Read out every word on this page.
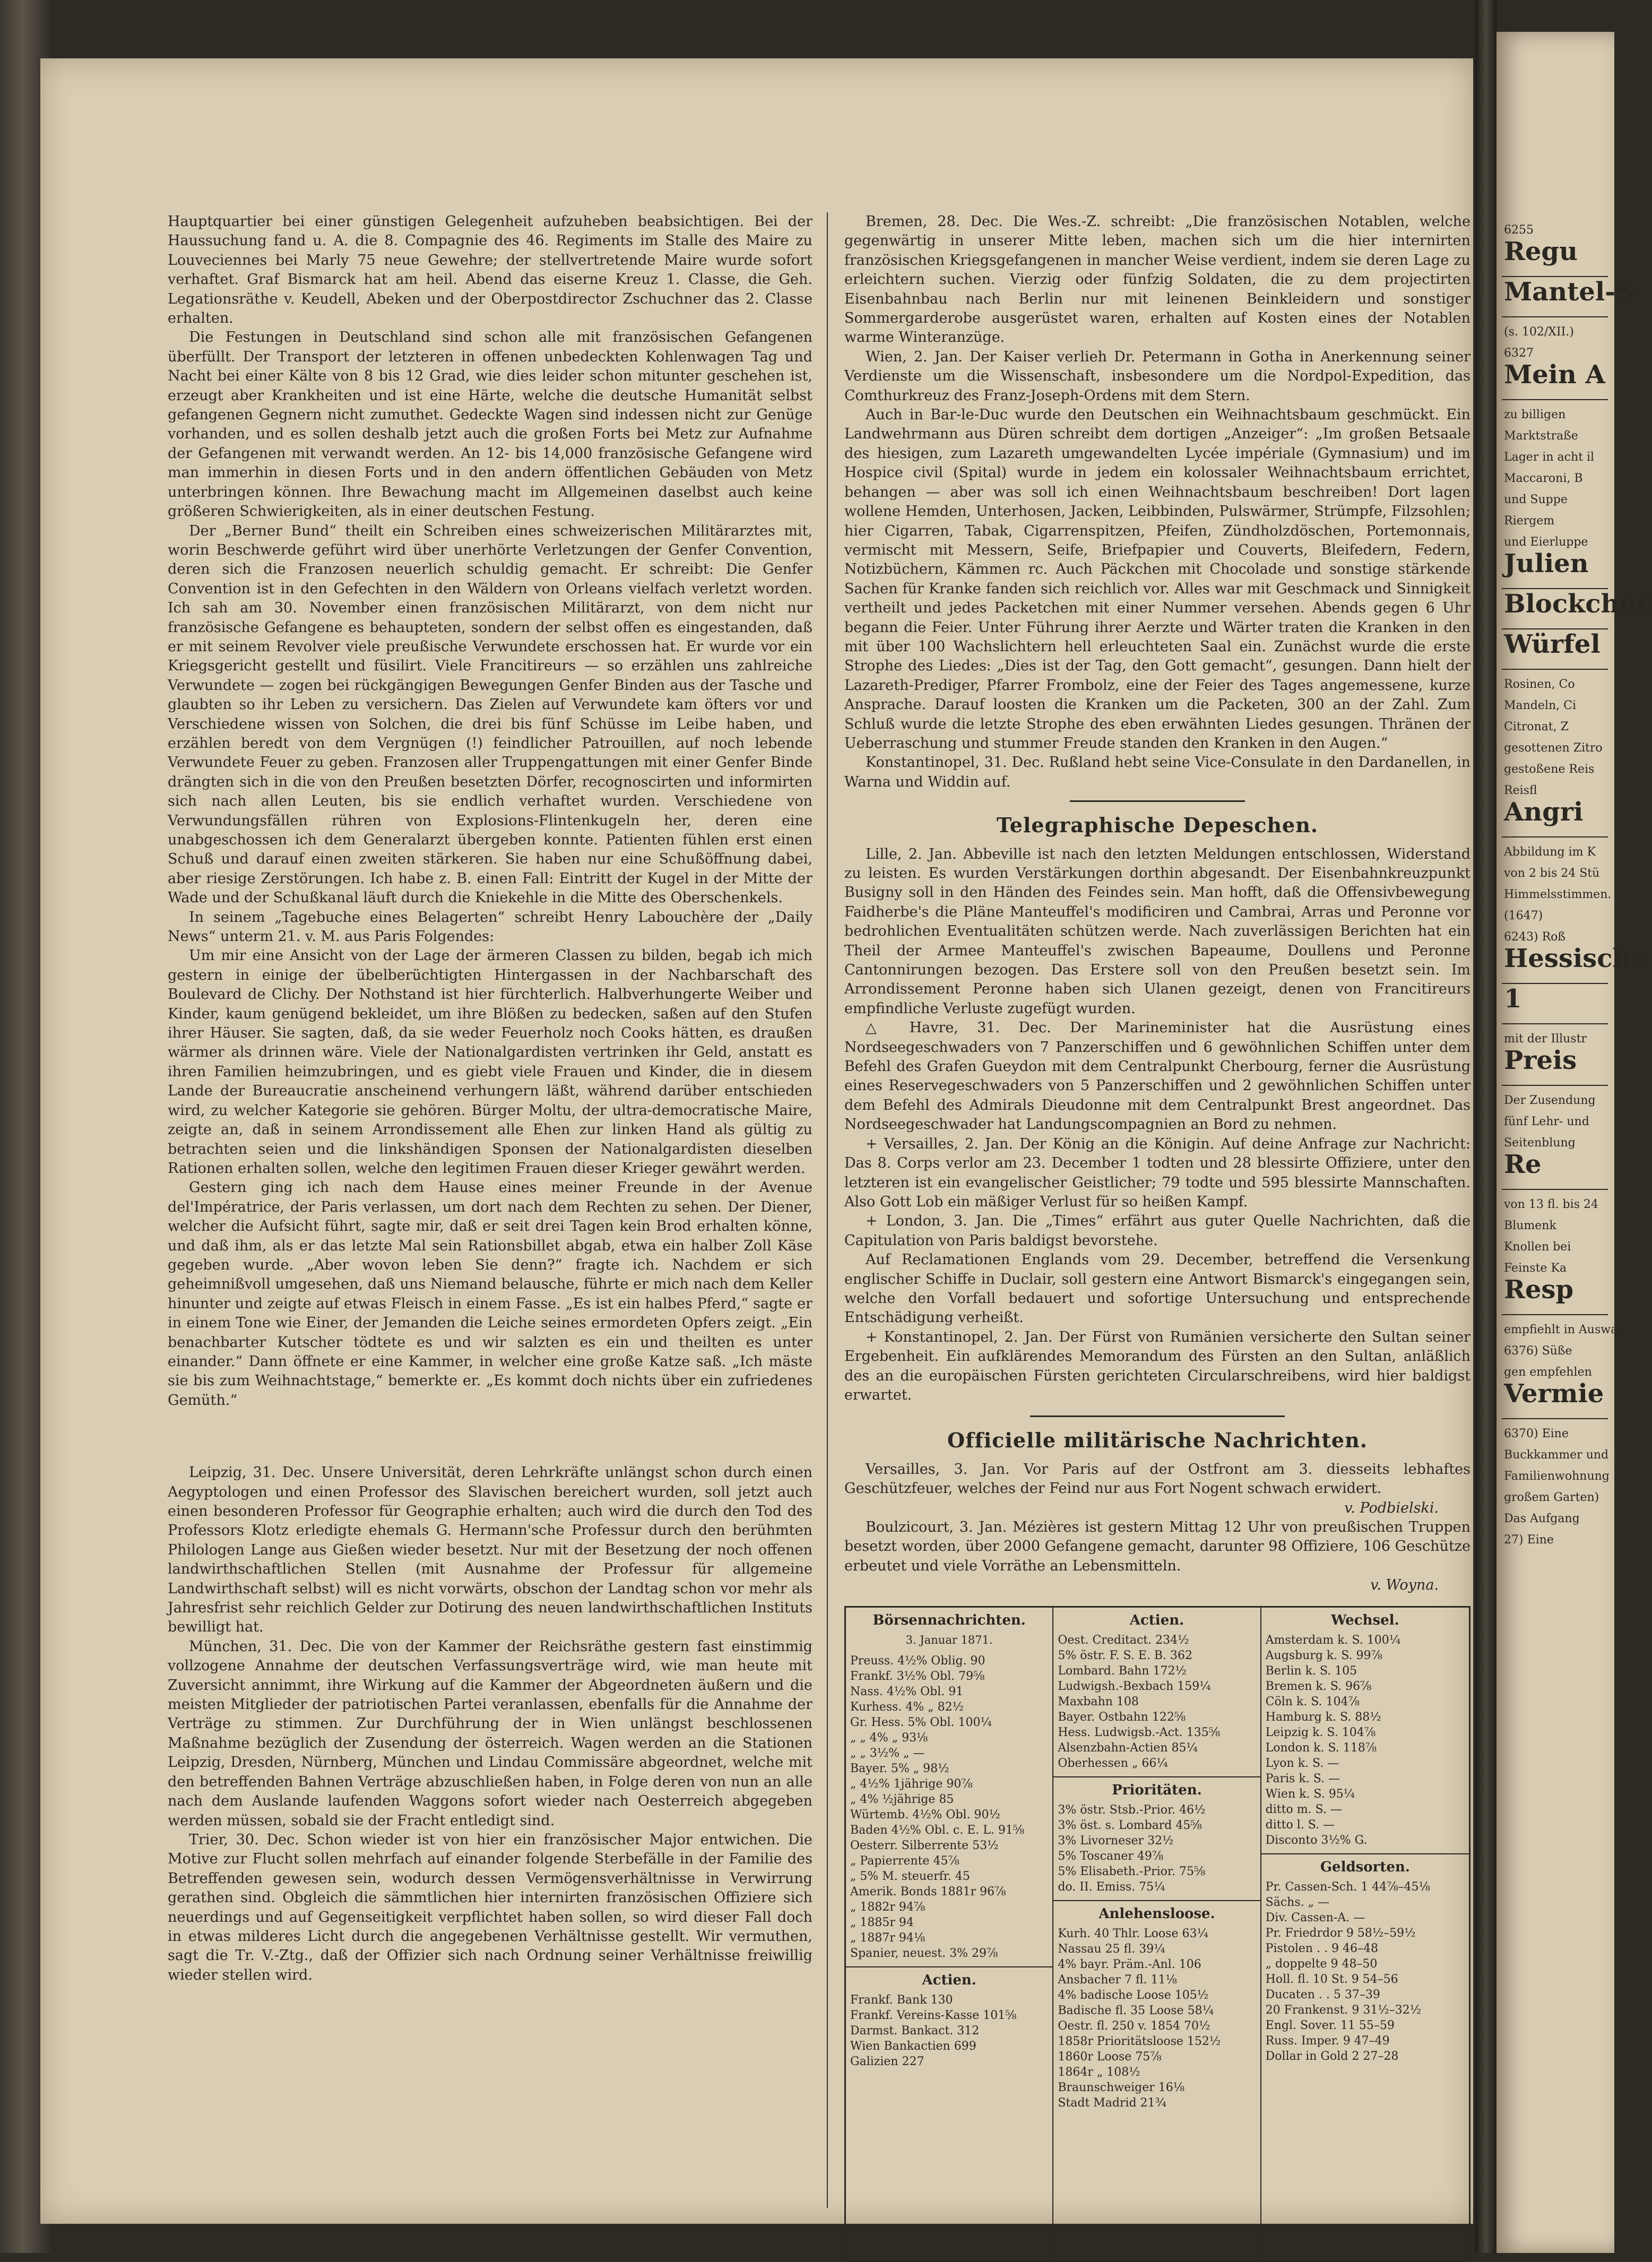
Hauptquartier bei einer günstigen Gelegenheit aufzuheben beabsichtigen. Bei der Haussuchung fand u. A. die 8. Compagnie des 46. Regiments im Stalle des Maire zu Louveciennes bei Marly 75 neue Gewehre; der stellvertretende Maire wurde sofort verhaftet. Graf Bismarck hat am heil. Abend das eiserne Kreuz 1. Classe, die Geh. Legationsräthe v. Keudell, Abeken und der Oberpostdirector Zschuchner das 2. Classe erhalten.

Die Festungen in Deutschland sind schon alle mit französischen Gefangenen überfüllt. Der Transport der letzteren in offenen unbedeckten Kohlenwagen Tag und Nacht bei einer Kälte von 8 bis 12 Grad, wie dies leider schon mitunter geschehen ist, erzeugt aber Krankheiten und ist eine Härte, welche die deutsche Humanität selbst gefangenen Gegnern nicht zumuthet. Gedeckte Wagen sind indessen nicht zur Genüge vorhanden, und es sollen deshalb jetzt auch die großen Forts bei Metz zur Aufnahme der Gefangenen mit verwandt werden. An 12- bis 14,000 französische Gefangene wird man immerhin in diesen Forts und in den andern öffentlichen Gebäuden von Metz unterbringen können. Ihre Bewachung macht im Allgemeinen daselbst auch keine größeren Schwierigkeiten, als in einer deutschen Festung.

Der „Berner Bund“ theilt ein Schreiben eines schweizerischen Militärarztes mit, worin Beschwerde geführt wird über unerhörte Verletzungen der Genfer Convention, deren sich die Franzosen neuerlich schuldig gemacht. Er schreibt: Die Genfer Convention ist in den Gefechten in den Wäldern von Orleans vielfach verletzt worden. Ich sah am 30. November einen französischen Militärarzt, von dem nicht nur französische Gefangene es behaupteten, sondern der selbst offen es eingestanden, daß er mit seinem Revolver viele preußische Verwundete erschossen hat. Er wurde vor ein Kriegsgericht gestellt und füsilirt. Viele Francitireurs — so erzählen uns zahlreiche Verwundete — zogen bei rückgängigen Bewegungen Genfer Binden aus der Tasche und glaubten so ihr Leben zu versichern. Das Zielen auf Verwundete kam öfters vor und Verschiedene wissen von Solchen, die drei bis fünf Schüsse im Leibe haben, und erzählen beredt von dem Vergnügen (!) feindlicher Patrouillen, auf noch lebende Verwundete Feuer zu geben. Franzosen aller Truppengattungen mit einer Genfer Binde drängten sich in die von den Preußen besetzten Dörfer, recognoscirten und informirten sich nach allen Leuten, bis sie endlich verhaftet wurden. Verschiedene von Verwundungsfällen rühren von Explosions-Flintenkugeln her, deren eine unabgeschossen ich dem Generalarzt übergeben konnte. Patienten fühlen erst einen Schuß und darauf einen zweiten stärkeren. Sie haben nur eine Schußöffnung dabei, aber riesige Zerstörungen. Ich habe z. B. einen Fall: Eintritt der Kugel in der Mitte der Wade und der Schußkanal läuft durch die Kniekehle in die Mitte des Oberschenkels.

In seinem „Tagebuche eines Belagerten“ schreibt Henry Labouchère der „Daily News“ unterm 21. v. M. aus Paris Folgendes:

Um mir eine Ansicht von der Lage der ärmeren Classen zu bilden, begab ich mich gestern in einige der übelberüchtigten Hintergassen in der Nachbarschaft des Boulevard de Clichy. Der Nothstand ist hier fürchterlich. Halbverhungerte Weiber und Kinder, kaum genügend bekleidet, um ihre Blößen zu bedecken, saßen auf den Stufen ihrer Häuser. Sie sagten, daß, da sie weder Feuerholz noch Cooks hätten, es draußen wärmer als drinnen wäre. Viele der Nationalgardisten vertrinken ihr Geld, anstatt es ihren Familien heimzubringen, und es giebt viele Frauen und Kinder, die in diesem Lande der Bureaucratie anscheinend verhungern läßt, während darüber entschieden wird, zu welcher Kategorie sie gehören. Bürger Moltu, der ultra-democratische Maire, zeigte an, daß in seinem Arrondissement alle Ehen zur linken Hand als gültig zu betrachten seien und die linkshändigen Sponsen der Nationalgardisten dieselben Rationen erhalten sollen, welche den legitimen Frauen dieser Krieger gewährt werden.

Gestern ging ich nach dem Hause eines meiner Freunde in der Avenue del'Impératrice, der Paris verlassen, um dort nach dem Rechten zu sehen. Der Diener, welcher die Aufsicht führt, sagte mir, daß er seit drei Tagen kein Brod erhalten könne, und daß ihm, als er das letzte Mal sein Rationsbillet abgab, etwa ein halber Zoll Käse gegeben wurde. „Aber wovon leben Sie denn?“ fragte ich. Nachdem er sich geheimnißvoll umgesehen, daß uns Niemand belausche, führte er mich nach dem Keller hinunter und zeigte auf etwas Fleisch in einem Fasse. „Es ist ein halbes Pferd,“ sagte er in einem Tone wie Einer, der Jemanden die Leiche seines ermordeten Opfers zeigt. „Ein benachbarter Kutscher tödtete es und wir salzten es ein und theilten es unter einander.“ Dann öffnete er eine Kammer, in welcher eine große Katze saß. „Ich mäste sie bis zum Weihnachtstage,“ bemerkte er. „Es kommt doch nichts über ein zufriedenes Gemüth.“

Leipzig, 31. Dec. Unsere Universität, deren Lehrkräfte unlängst schon durch einen Aegyptologen und einen Professor des Slavischen bereichert wurden, soll jetzt auch einen besonderen Professor für Geographie erhalten; auch wird die durch den Tod des Professors Klotz erledigte ehemals G. Hermann'sche Professur durch den berühmten Philologen Lange aus Gießen wieder besetzt. Nur mit der Besetzung der noch offenen landwirthschaftlichen Stellen (mit Ausnahme der Professur für allgemeine Landwirthschaft selbst) will es nicht vorwärts, obschon der Landtag schon vor mehr als Jahresfrist sehr reichlich Gelder zur Dotirung des neuen landwirthschaftlichen Instituts bewilligt hat.

München, 31. Dec. Die von der Kammer der Reichsräthe gestern fast einstimmig vollzogene Annahme der deutschen Verfassungsverträge wird, wie man heute mit Zuversicht annimmt, ihre Wirkung auf die Kammer der Abgeordneten äußern und die meisten Mitglieder der patriotischen Partei veranlassen, ebenfalls für die Annahme der Verträge zu stimmen. Zur Durchführung der in Wien unlängst beschlossenen Maßnahme bezüglich der Zusendung der österreich. Wagen werden an die Stationen Leipzig, Dresden, Nürnberg, München und Lindau Commissäre abgeordnet, welche mit den betreffenden Bahnen Verträge abzuschließen haben, in Folge deren von nun an alle nach dem Auslande laufenden Waggons sofort wieder nach Oesterreich abgegeben werden müssen, sobald sie der Fracht entledigt sind.

Trier, 30. Dec. Schon wieder ist von hier ein französischer Major entwichen. Die Motive zur Flucht sollen mehrfach auf einander folgende Sterbefälle in der Familie des Betreffenden gewesen sein, wodurch dessen Vermögensverhältnisse in Verwirrung gerathen sind. Obgleich die sämmtlichen hier internirten französischen Offiziere sich neuerdings und auf Gegenseitigkeit verpflichtet haben sollen, so wird dieser Fall doch in etwas milderes Licht durch die angegebenen Verhältnisse gestellt. Wir vermuthen, sagt die Tr. V.-Ztg., daß der Offizier sich nach Ordnung seiner Verhältnisse freiwillig wieder stellen wird.

Bremen, 28. Dec. Die Wes.-Z. schreibt: „Die französischen Notablen, welche gegenwärtig in unserer Mitte leben, machen sich um die hier internirten französischen Kriegsgefangenen in mancher Weise verdient, indem sie deren Lage zu erleichtern suchen. Vierzig oder fünfzig Soldaten, die zu dem projectirten Eisenbahnbau nach Berlin nur mit leinenen Beinkleidern und sonstiger Sommergarderobe ausgerüstet waren, erhalten auf Kosten eines der Notablen warme Winteranzüge.

Wien, 2. Jan. Der Kaiser verlieh Dr. Petermann in Gotha in Anerkennung seiner Verdienste um die Wissenschaft, insbesondere um die Nordpol-Expedition, das Comthurkreuz des Franz-Joseph-Ordens mit dem Stern.

Auch in Bar-le-Duc wurde den Deutschen ein Weihnachtsbaum geschmückt. Ein Landwehrmann aus Düren schreibt dem dortigen „Anzeiger“: „Im großen Betsaale des hiesigen, zum Lazareth umgewandelten Lycée impériale (Gymnasium) und im Hospice civil (Spital) wurde in jedem ein kolossaler Weihnachtsbaum errichtet, behangen — aber was soll ich einen Weihnachtsbaum beschreiben! Dort lagen wollene Hemden, Unterhosen, Jacken, Leibbinden, Pulswärmer, Strümpfe, Filzsohlen; hier Cigarren, Tabak, Cigarrenspitzen, Pfeifen, Zündholzdöschen, Portemonnais, vermischt mit Messern, Seife, Briefpapier und Couverts, Bleifedern, Federn, Notizbüchern, Kämmen rc. Auch Päckchen mit Chocolade und sonstige stärkende Sachen für Kranke fanden sich reichlich vor. Alles war mit Geschmack und Sinnigkeit vertheilt und jedes Packetchen mit einer Nummer versehen. Abends gegen 6 Uhr begann die Feier. Unter Führung ihrer Aerzte und Wärter traten die Kranken in den mit über 100 Wachslichtern hell erleuchteten Saal ein. Zunächst wurde die erste Strophe des Liedes: „Dies ist der Tag, den Gott gemacht“, gesungen. Dann hielt der Lazareth-Prediger, Pfarrer Frombolz, eine der Feier des Tages angemessene, kurze Ansprache. Darauf loosten die Kranken um die Packeten, 300 an der Zahl. Zum Schluß wurde die letzte Strophe des eben erwähnten Liedes gesungen. Thränen der Ueberraschung und stummer Freude standen den Kranken in den Augen.“

Konstantinopel, 31. Dec. Rußland hebt seine Vice-Consulate in den Dardanellen, in Warna und Widdin auf.

Telegraphische Depeschen.

Lille, 2. Jan. Abbeville ist nach den letzten Meldungen entschlossen, Widerstand zu leisten. Es wurden Verstärkungen dorthin abgesandt. Der Eisenbahnkreuzpunkt Busigny soll in den Händen des Feindes sein. Man hofft, daß die Offensivbewegung Faidherbe's die Pläne Manteuffel's modificiren und Cambrai, Arras und Peronne vor bedrohlichen Eventualitäten schützen werde. Nach zuverlässigen Berichten hat ein Theil der Armee Manteuffel's zwischen Bapeaume, Doullens und Peronne Cantonnirungen bezogen. Das Erstere soll von den Preußen besetzt sein. Im Arrondissement Peronne haben sich Ulanen gezeigt, denen von Francitireurs empfindliche Verluste zugefügt wurden.

△ Havre, 31. Dec. Der Marineminister hat die Ausrüstung eines Nordseegeschwaders von 7 Panzerschiffen und 6 gewöhnlichen Schiffen unter dem Befehl des Grafen Gueydon mit dem Centralpunkt Cherbourg, ferner die Ausrüstung eines Reservegeschwaders von 5 Panzerschiffen und 2 gewöhnlichen Schiffen unter dem Befehl des Admirals Dieudonne mit dem Centralpunkt Brest angeordnet. Das Nordseegeschwader hat Landungscompagnien an Bord zu nehmen.

+ Versailles, 2. Jan. Der König an die Königin. Auf deine Anfrage zur Nachricht: Das 8. Corps verlor am 23. December 1 todten und 28 blessirte Offiziere, unter den letzteren ist ein evangelischer Geistlicher; 79 todte und 595 blessirte Mannschaften. Also Gott Lob ein mäßiger Verlust für so heißen Kampf.

+ London, 3. Jan. Die „Times“ erfährt aus guter Quelle Nachrichten, daß die Capitulation von Paris baldigst bevorstehe.

Auf Reclamationen Englands vom 29. December, betreffend die Versenkung englischer Schiffe in Duclair, soll gestern eine Antwort Bismarck's eingegangen sein, welche den Vorfall bedauert und sofortige Untersuchung und entsprechende Entschädigung verheißt.

+ Konstantinopel, 2. Jan. Der Fürst von Rumänien versicherte den Sultan seiner Ergebenheit. Ein aufklärendes Memorandum des Fürsten an den Sultan, anläßlich des an die europäischen Fürsten gerichteten Circularschreibens, wird hier baldigst erwartet.

Officielle militärische Nachrichten.

Versailles, 3. Jan. Vor Paris auf der Ostfront am 3. diesseits lebhaftes Geschützfeuer, welches der Feind nur aus Fort Nogent schwach erwidert.

v. Podbielski.

Boulzicourt, 3. Jan. Mézières ist gestern Mittag 12 Uhr von preußischen Truppen besetzt worden, über 2000 Gefangene gemacht, darunter 98 Offiziere, 106 Geschütze erbeutet und viele Vorräthe an Lebensmitteln.

v. Woyna.

Börsennachrichten.
3. Januar 1871.
Preuss. 4½% Oblig. 90
Frankf. 3½% Obl. 79⅝
Nass. 4½% Obl. 91
Kurhess. 4% „ 82½
Gr. Hess. 5% Obl. 100¼
„ „ 4% „ 93⅛
„ „ 3½% „ —
Bayer. 5% „ 98½
„ 4½% 1jährige 90⅞
„ 4% ½jährige 85
Würtemb. 4½% Obl. 90½
Baden 4½% Obl. c. E. L. 91⅝
Oesterr. Silberrente 53½
„ Papierrente 45⅞
„ 5% M. steuerfr. 45
Amerik. Bonds 1881r 96⅞
„ 1882r 94⅞
„ 1885r 94
„ 1887r 94⅛
Spanier, neuest. 3% 29⅞
Actien.
Frankf. Bank 130
Frankf. Vereins-Kasse 101⅝
Darmst. Bankact. 312
Wien Bankactien 699
Galizien 227
Actien.
Oest. Creditact. 234½
5% östr. F. S. E. B. 362
Lombard. Bahn 172½
Ludwigsh.-Bexbach 159¼
Maxbahn 108
Bayer. Ostbahn 122⅝
Hess. Ludwigsb.-Act. 135⅝
Alsenzbahn-Actien 85¼
Oberhessen „ 66¼
Prioritäten.
3% östr. Stsb.-Prior. 46½
3% öst. s. Lombard 45⅝
3% Livorneser 32½
5% Toscaner 49⅞
5% Elisabeth.-Prior. 75⅝
do. II. Emiss. 75¼
Anlehensloose.
Kurh. 40 Thlr. Loose 63¼
Nassau 25 fl. 39¼
4% bayr. Präm.-Anl. 106
Ansbacher 7 fl. 11⅛
4% badische Loose 105½
Badische fl. 35 Loose 58¼
Oestr. fl. 250 v. 1854 70½
1858r Prioritätsloose 152½
1860r Loose 75⅞
1864r „ 108½
Braunschweiger 16⅛
Stadt Madrid 21¾
Wechsel.
Amsterdam k. S. 100¼
Augsburg k. S. 99⅞
Berlin k. S. 105
Bremen k. S. 96⅞
Cöln k. S. 104⅞
Hamburg k. S. 88½
Leipzig k. S. 104⅞
London k. S. 118⅞
Lyon k. S. —
Paris k. S. —
Wien k. S. 95¼
ditto m. S. —
ditto l. S. —
Disconto 3½% G.
Geldsorten.
Pr. Cassen-Sch. 1 44⅞–45⅛
Sächs. „ —
Div. Cassen-A. —
Pr. Friedrdor 9 58½–59½
Pistolen . . 9 46–48
„ doppelte 9 48–50
Holl. fl. 10 St. 9 54–56
Ducaten . . 5 37–39
20 Frankenst. 9 31½–32½
Engl. Sover. 11 55–59
Russ. Imper. 9 47–49
Dollar in Gold 2 27–28
6255
Regu
Mantel-S
(s. 102/XII.)
6327
Mein A
zu billigen
Marktstraße
Lager in acht il
Maccaroni, B
und Suppe
Riergem
und Eierluppe
Julien
Blockchoc
Würfel
Rosinen, Co
Mandeln, Ci
Citronat, Z
gesottenen Zitro
gestoßene Reis
Reisfl
Angri
Abbildung im K
von 2 bis 24 Stü
Himmelsstimmen.
(1647)
6243) Roß
Hessische
1
mit der Illustr
Preis
Der Zusendung
fünf Lehr- und
Seitenblung
Re
von 13 fl. bis 24
Blumenk
Knollen bei
Feinste Ka
Resp
empfiehlt in Auswa
6376) Süße
gen empfehlen
Vermie
6370) Eine
Buckkammer und
Familienwohnung
großem Garten)
Das Aufgang
27) Eine
